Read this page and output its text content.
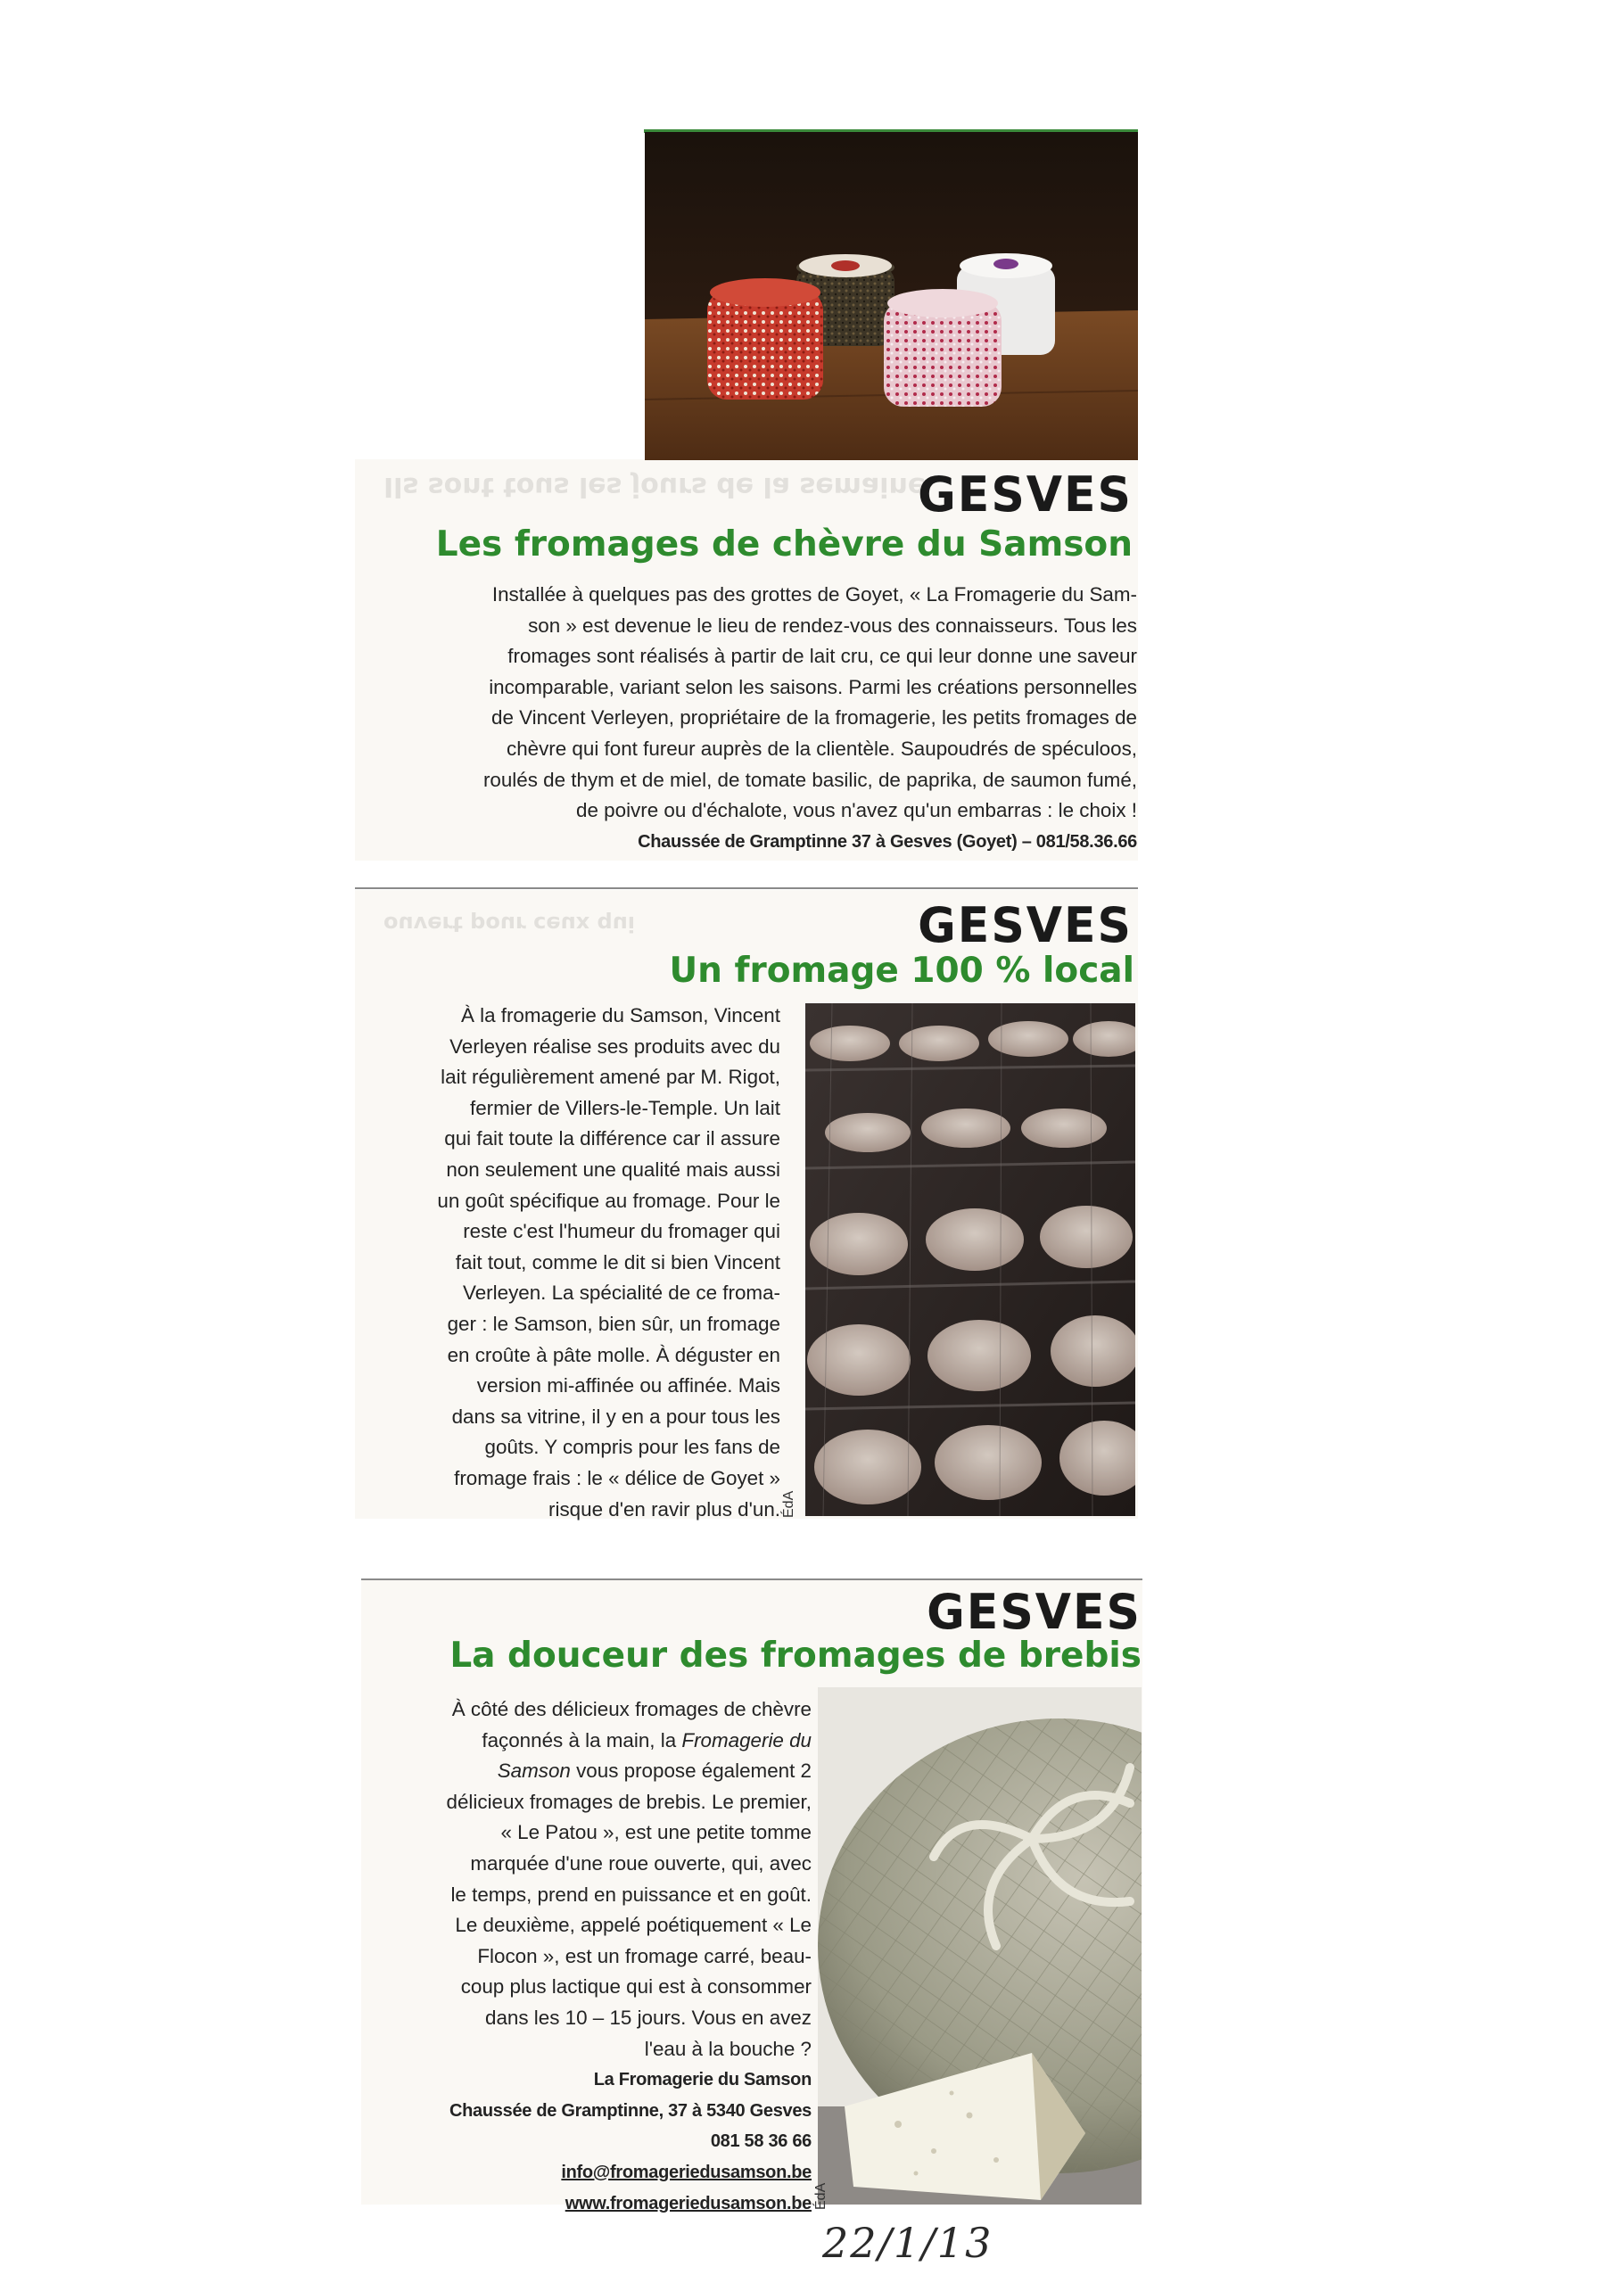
Ils sont tous les jours de la semaine
GESVES
Les fromages de chèvre du Samson
Installée à quelques pas des grottes de Goyet, « La Fromagerie du Sam-
son » est devenue le lieu de rendez-vous des connaisseurs. Tous les
fromages sont réalisés à partir de lait cru, ce qui leur donne une saveur
incomparable, variant selon les saisons. Parmi les créations personnelles
de Vincent Verleyen, propriétaire de la fromagerie, les petits fromages de
chèvre qui font fureur auprès de la clientèle. Saupoudrés de spéculoos,
roulés de thym et de miel, de tomate basilic, de paprika, de saumon fumé,
de poivre ou d'échalote, vous n'avez qu'un embarras : le choix !
Chaussée de Gramptinne 37 à Gesves (Goyet) – 081/58.36.66
ouvert pour ceux qui	GESVES
Un fromage 100 % local
À la fromagerie du Samson, Vincent
Verleyen réalise ses produits avec du
lait régulièrement amené par M. Rigot,
fermier de Villers-le-Temple. Un lait
qui fait toute la différence car il assure
non seulement une qualité mais aussi
un goût spécifique au fromage. Pour le
reste c'est l'humeur du fromager qui
fait tout, comme le dit si bien Vincent
Verleyen. La spécialité de ce froma-
ger : le Samson, bien sûr, un fromage
en croûte à pâte molle. À déguster en
version mi-affinée ou affinée. Mais
dans sa vitrine, il y en a pour tous les
goûts. Y compris pour les fans de
fromage frais : le « délice de Goyet »
risque d'en ravir plus d'un. ÉdA
GESVES
La douceur des fromages de brebis
À côté des délicieux fromages de chèvre
façonnés à la main, la Fromagerie du
Samson vous propose également 2
délicieux fromages de brebis. Le premier,
« Le Patou », est une petite tomme
marquée d'une roue ouverte, qui, avec
le temps, prend en puissance et en goût.
Le deuxième, appelé poétiquement « Le
Flocon », est un fromage carré, beau-
coup plus lactique qui est à consommer
dans les 10 – 15 jours. Vous en avez
l'eau à la bouche ?
La Fromagerie du Samson
Chaussée de Gramptinne, 37 à 5340 Gesves
081 58 36 66
info@fromageriedusamson.be
www.fromageriedusamson.be ÉdA
22/1/13
